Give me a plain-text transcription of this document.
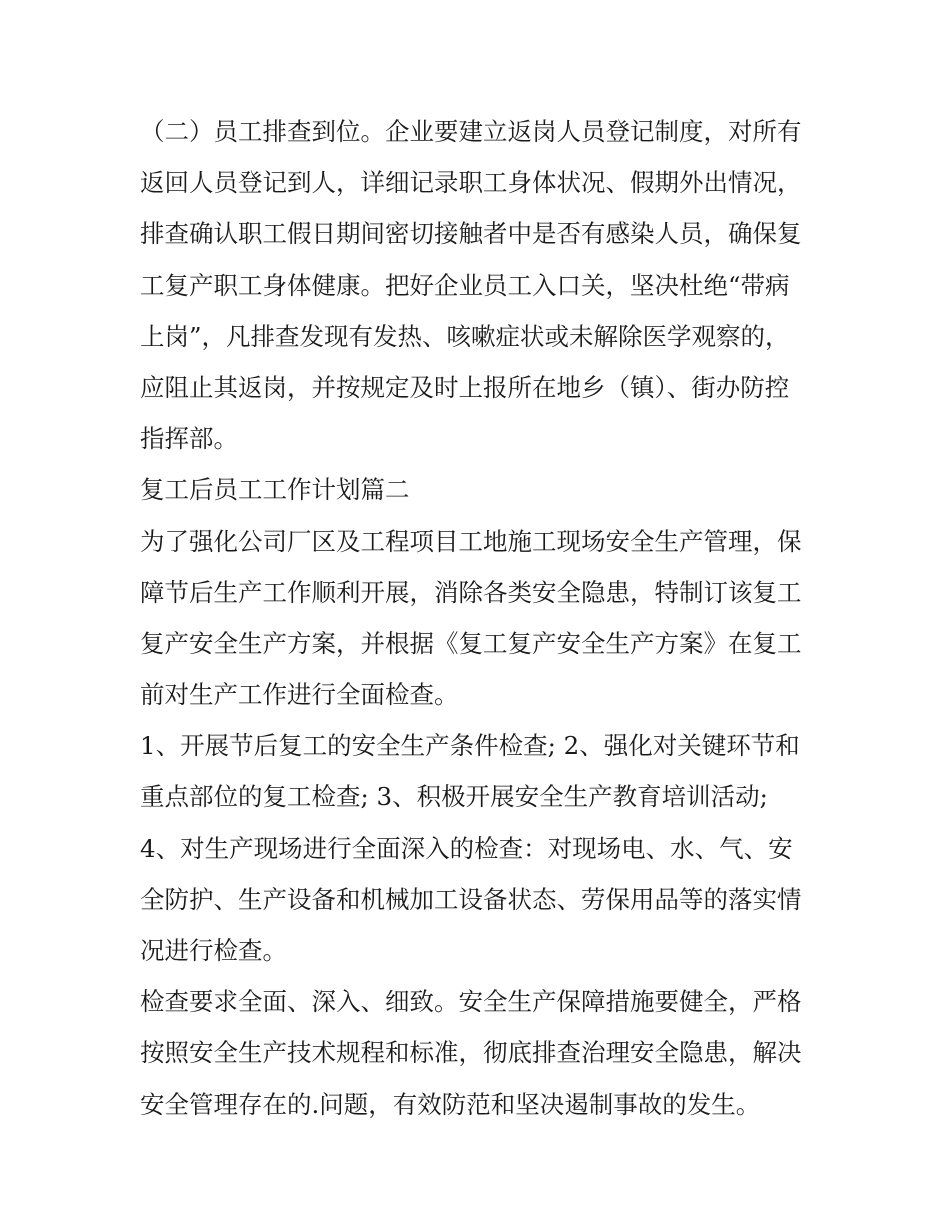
（二）员工排查到位。企业要建立返岗人员登记制度，对所有
返回人员登记到人，详细记录职工身体状况、假期外出情况，
排查确认职工假日期间密切接触者中是否有感染人员，确保复
工复产职工身体健康。把好企业员工入口关，坚决杜绝“带病
上岗”，凡排查发现有发热、咳嗽症状或未解除医学观察的，
应阻止其返岗，并按规定及时上报所在地乡（镇）、街办防控
指挥部。
复工后员工工作计划篇二
为了强化公司厂区及工程项目工地施工现场安全生产管理，保
障节后生产工作顺利开展，消除各类安全隐患，特制订该复工
复产安全生产方案，并根据《复工复产安全生产方案》在复工
前对生产工作进行全面检查。
1、开展节后复工的安全生产条件检查; 2、强化对关键环节和
重点部位的复工检查; 3、积极开展安全生产教育培训活动;
4、对生产现场进行全面深入的检查：对现场电、水、气、安
全防护、生产设备和机械加工设备状态、劳保用品等的落实情
况进行检查。
检查要求全面、深入、细致。安全生产保障措施要健全，严格
按照安全生产技术规程和标准，彻底排查治理安全隐患，解决
安全管理存在的.问题，有效防范和坚决遏制事故的发生。
